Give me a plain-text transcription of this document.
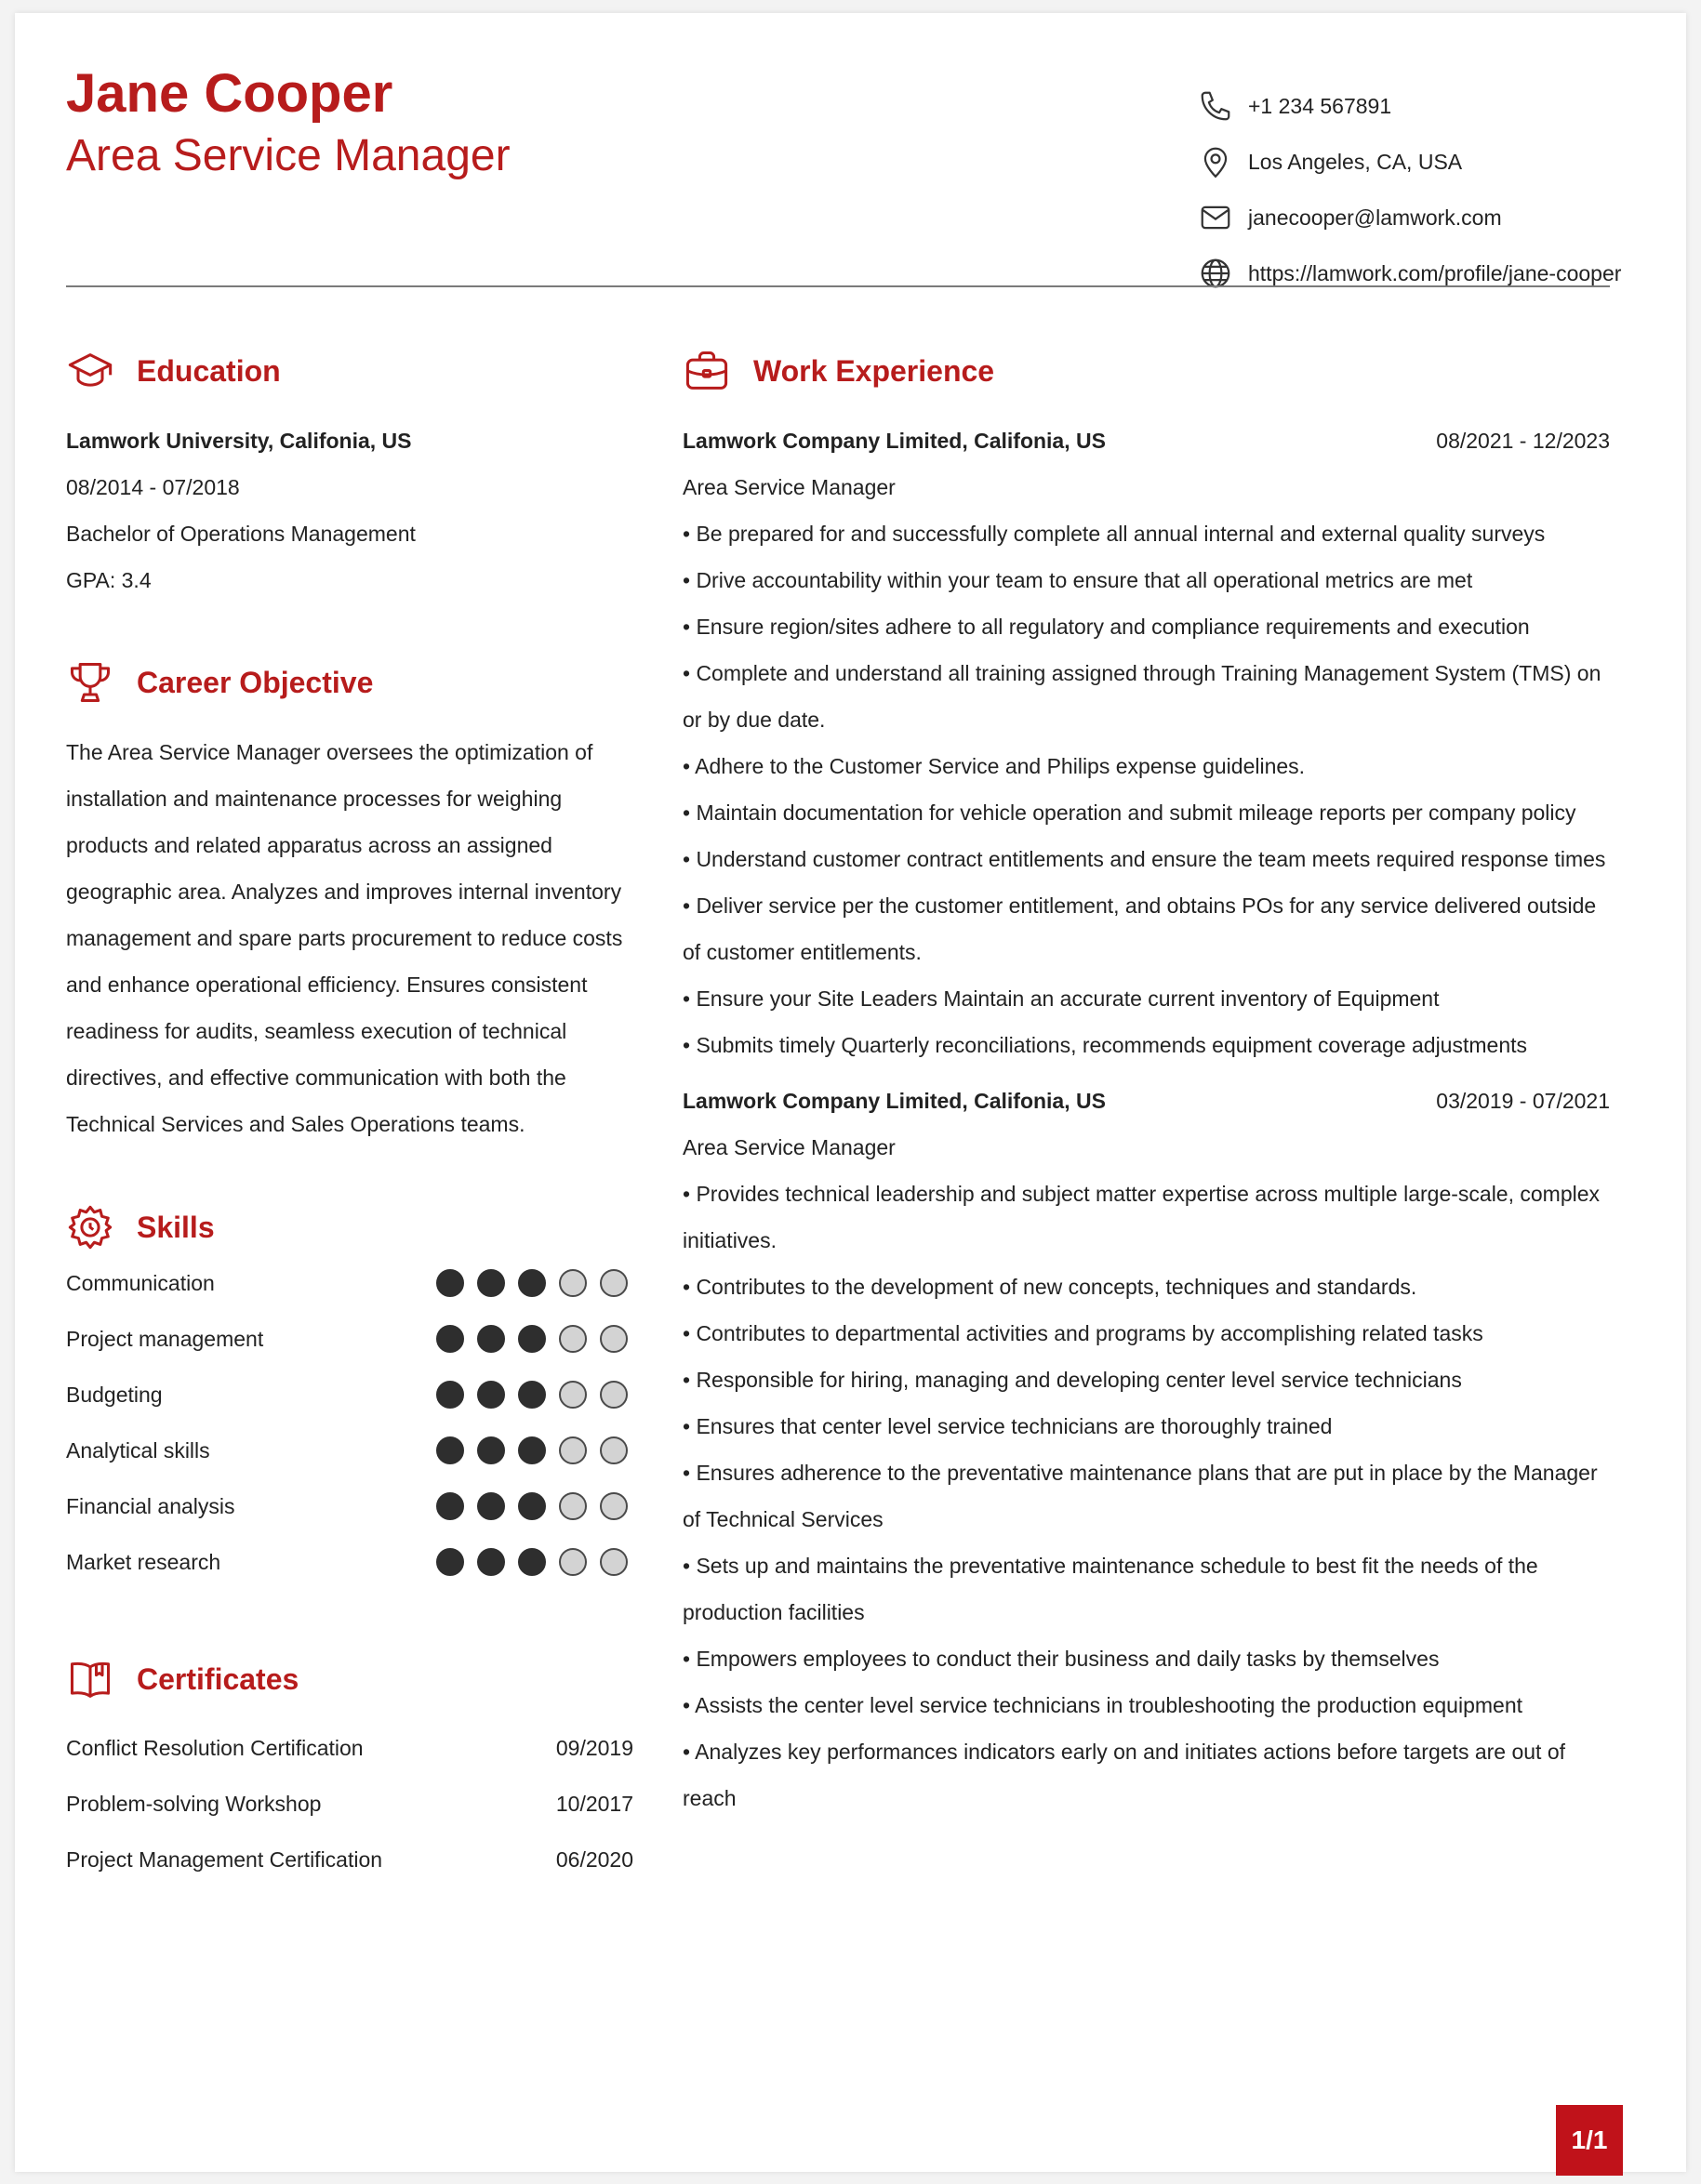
Jane Cooper
Area Service Manager
+1 234 567891
Los Angeles, CA, USA
janecooper@lamwork.com
https://lamwork.com/profile/jane-cooper
Education
Lamwork University, Califonia, US
08/2014 - 07/2018
Bachelor of Operations Management
GPA: 3.4
Career Objective
The Area Service Manager oversees the optimization of installation and maintenance processes for weighing products and related apparatus across an assigned geographic area. Analyzes and improves internal inventory management and spare parts procurement to reduce costs and enhance operational efficiency. Ensures consistent readiness for audits, seamless execution of technical directives, and effective communication with both the Technical Services and Sales Operations teams.
Skills
Communication
Project management
Budgeting
Analytical skills
Financial analysis
Market research
Certificates
Conflict Resolution Certification	09/2019
Problem-solving Workshop	10/2017
Project Management Certification	06/2020
Work Experience
Lamwork Company Limited, Califonia, US	08/2021 - 12/2023
Area Service Manager
• Be prepared for and successfully complete all annual internal and external quality surveys
• Drive accountability within your team to ensure that all operational metrics are met
• Ensure region/sites adhere to all regulatory and compliance requirements and execution
• Complete and understand all training assigned through Training Management System (TMS) on or by due date.
• Adhere to the Customer Service and Philips expense guidelines.
• Maintain documentation for vehicle operation and submit mileage reports per company policy
• Understand customer contract entitlements and ensure the team meets required response times
• Deliver service per the customer entitlement, and obtains POs for any service delivered outside of customer entitlements.
• Ensure your Site Leaders Maintain an accurate current inventory of Equipment
• Submits timely Quarterly reconciliations, recommends equipment coverage adjustments
Lamwork Company Limited, Califonia, US	03/2019 - 07/2021
Area Service Manager
• Provides technical leadership and subject matter expertise across multiple large-scale, complex initiatives.
• Contributes to the development of new concepts, techniques and standards.
• Contributes to departmental activities and programs by accomplishing related tasks
• Responsible for hiring, managing and developing center level service technicians
• Ensures that center level service technicians are thoroughly trained
• Ensures adherence to the preventative maintenance plans that are put in place by the Manager of Technical Services
• Sets up and maintains the preventative maintenance schedule to best fit the needs of the production facilities
• Empowers employees to conduct their business and daily tasks by themselves
• Assists the center level service technicians in troubleshooting the production equipment
• Analyzes key performances indicators early on and initiates actions before targets are out of reach
1/1
